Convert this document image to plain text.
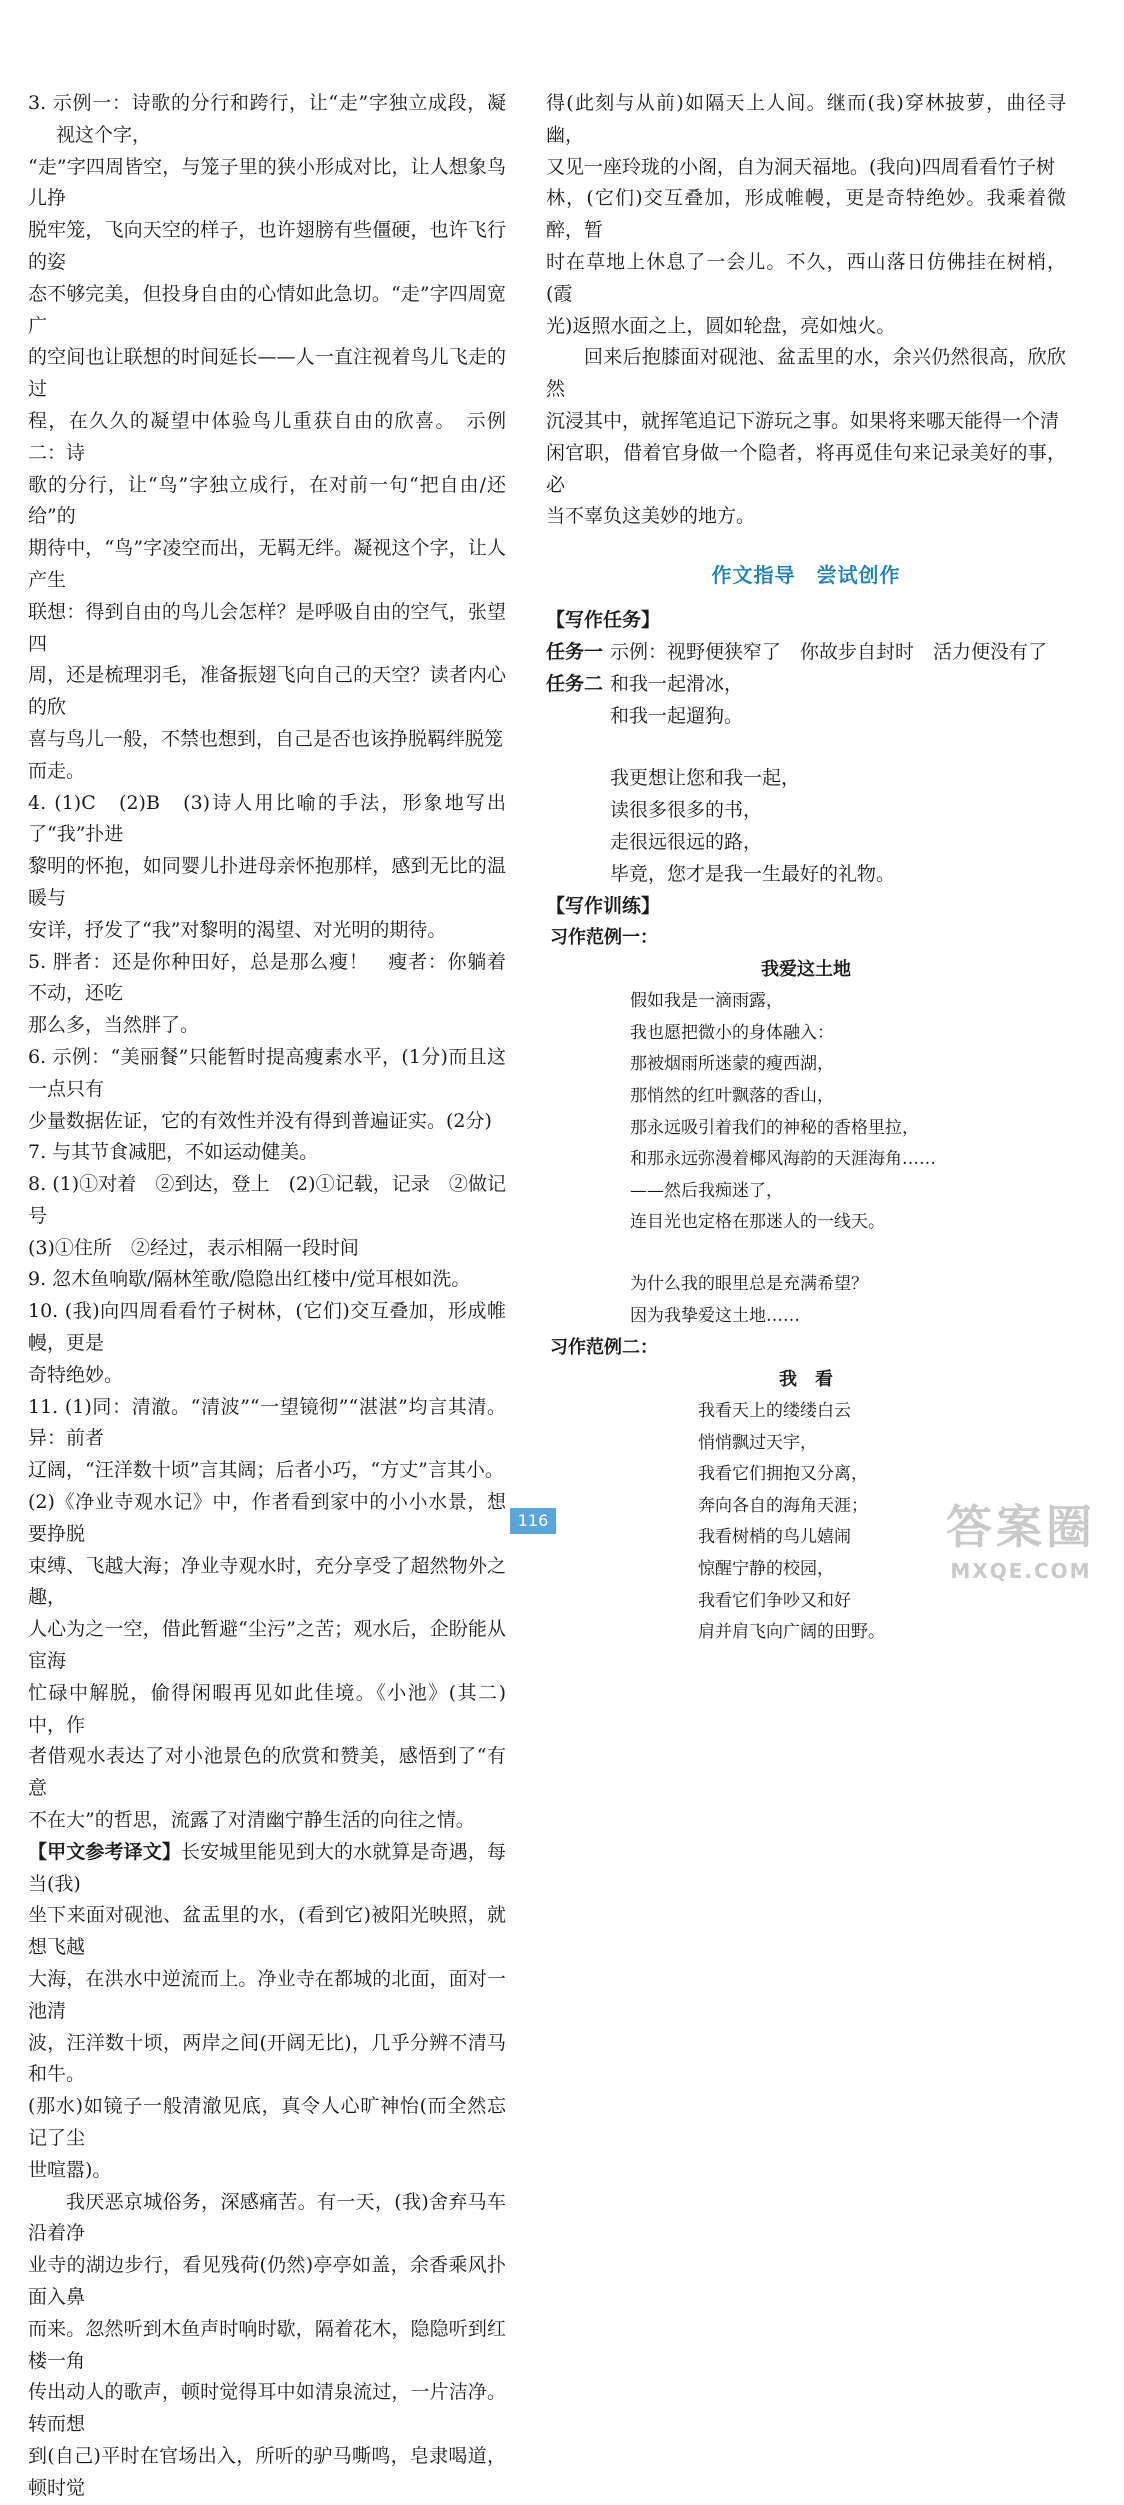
3. 示例一：诗歌的分行和跨行，让“走”字独立成段，凝视这个字，

“走”字四周皆空，与笼子里的狭小形成对比，让人想象鸟儿挣

脱牢笼，飞向天空的样子，也许翅膀有些僵硬，也许飞行的姿

态不够完美，但投身自由的心情如此急切。“走”字四周宽广

的空间也让联想的时间延长——人一直注视着鸟儿飞走的过

程，在久久的凝望中体验鸟儿重获自由的欣喜。　示例二：诗

歌的分行，让“鸟”字独立成行，在对前一句“把自由/还给”的

期待中，“鸟”字凌空而出，无羁无绊。凝视这个字，让人产生

联想：得到自由的鸟儿会怎样？是呼吸自由的空气，张望四

周，还是梳理羽毛，准备振翅飞向自己的天空？读者内心的欣

喜与鸟儿一般，不禁也想到，自己是否也该挣脱羁绊脱笼

而走。

4. (1)C　(2)B　(3)诗人用比喻的手法，形象地写出了“我”扑进

黎明的怀抱，如同婴儿扑进母亲怀抱那样，感到无比的温暖与

安详，抒发了“我”对黎明的渴望、对光明的期待。

5. 胖者：还是你种田好，总是那么瘦！　瘦者：你躺着不动，还吃

那么多，当然胖了。

6. 示例：“美丽餐”只能暂时提高瘦素水平，(1分)而且这一点只有

少量数据佐证，它的有效性并没有得到普遍证实。(2分)

7. 与其节食减肥，不如运动健美。

8. (1)①对着　②到达，登上　(2)①记载，记录　②做记号

(3)①住所　②经过，表示相隔一段时间

9. 忽木鱼响歇/隔林笙歌/隐隐出红楼中/觉耳根如洗。

10. (我)向四周看看竹子树林，(它们)交互叠加，形成帷幔，更是

奇特绝妙。

11. (1)同：清澈。“清波”“一望镜彻”“湛湛”均言其清。异：前者

辽阔，“汪洋数十顷”言其阔；后者小巧，“方丈”言其小。

(2)《净业寺观水记》中，作者看到家中的小小水景，想要挣脱

束缚、飞越大海；净业寺观水时，充分享受了超然物外之趣，

人心为之一空，借此暂避“尘污”之苦；观水后，企盼能从宦海

忙碌中解脱，偷得闲暇再见如此佳境。《小池》(其二)中，作

者借观水表达了对小池景色的欣赏和赞美，感悟到了“有意

不在大”的哲思，流露了对清幽宁静生活的向往之情。

【甲文参考译文】长安城里能见到大的水就算是奇遇，每当(我)

坐下来面对砚池、盆盂里的水，(看到它)被阳光映照，就想飞越

大海，在洪水中逆流而上。净业寺在都城的北面，面对一池清

波，汪洋数十顷，两岸之间(开阔无比)，几乎分辨不清马和牛。

(那水)如镜子一般清澈见底，真令人心旷神怡(而全然忘记了尘

世喧嚣)。

我厌恶京城俗务，深感痛苦。有一天，(我)舍弃马车沿着净

业寺的湖边步行，看见残荷(仍然)亭亭如盖，余香乘风扑面入鼻

而来。忽然听到木鱼声时响时歇，隔着花木，隐隐听到红楼一角

传出动人的歌声，顿时觉得耳中如清泉流过，一片洁净。转而想

到(自己)平时在官场出入，所听的驴马嘶鸣，皂隶喝道，顿时觉

得(此刻与从前)如隔天上人间。继而(我)穿林披萝，曲径寻幽，

又见一座玲珑的小阁，自为洞天福地。(我向)四周看看竹子树

林，(它们)交互叠加，形成帷幔，更是奇特绝妙。我乘着微醉，暂

时在草地上休息了一会儿。不久，西山落日仿佛挂在树梢，(霞

光)返照水面之上，圆如轮盘，亮如烛火。

回来后抱膝面对砚池、盆盂里的水，余兴仍然很高，欣欣然

沉浸其中，就挥笔追记下游玩之事。如果将来哪天能得一个清

闲官职，借着官身做一个隐者，将再觅佳句来记录美好的事，必

当不辜负这美妙的地方。

作文指导　尝试创作

【写作任务】

任务一 示例：视野便狭窄了　你故步自封时　活力便没有了
任务二 和我一起滑冰，
和我一起遛狗。
我更想让您和我一起，
读很多很多的书，
走很远很远的路，
毕竟，您才是我一生最好的礼物。

【写作训练】

习作范例一：

我爱这土地

假如我是一滴雨露，

我也愿把微小的身体融入：

那被烟雨所迷蒙的瘦西湖，

那悄然的红叶飘落的香山，

那永远吸引着我们的神秘的香格里拉，

和那永远弥漫着椰风海韵的天涯海角……

——然后我痴迷了，

连目光也定格在那迷人的一线天。

为什么我的眼里总是充满希望？

因为我挚爱这土地……

习作范例二：

我　看

我看天上的缕缕白云

悄悄飘过天宇，

我看它们拥抱又分离，

奔向各自的海角天涯；

我看树梢的鸟儿嬉闹

惊醒宁静的校园，

我看它们争吵又和好

肩并肩飞向广阔的田野。

116	答案圈
MXQE.COM
